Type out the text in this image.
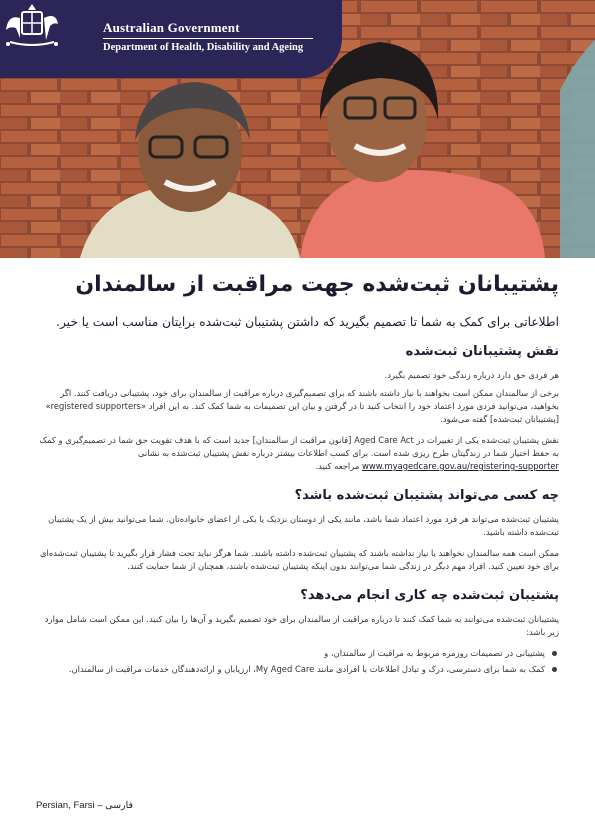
Australian Government
Department of Health, Disability and Ageing
پشتیبانان ثبت‌شده جهت مراقبت از سالمندان

اطلاعاتی برای کمک به شما تا تصمیم بگیرید که داشتن پشتیبان ثبت‌شده برایتان مناسب است یا خیر.

نقش پشتیبانان ثبت‌شده

هر فردی حق دارد درباره زندگی خود تصمیم بگیرد.

برخی از سالمندان ممکن است بخواهند یا نیاز داشته باشند که برای تصمیم‌گیری درباره مراقبت از سالمندان برای خود، پشتیبانی دریافت کنند. اگر بخواهید، می‌توانید فردی مورد اعتماد خود را انتخاب کنید تا در گرفتن و بیان این تصمیمات به شما کمک کند. به این افراد «registered supporters» [پشتیبانان ثبت‌شده] گفته می‌شود.

نقش پشتیبان ثبت‌شده یکی از تغییرات در Aged Care Act [قانون مراقبت از سالمندان] جدید است که با هدف تقویت حق شما در تصمیم‌گیری و کمک به حفظ اختیار شما در زندگیتان طرح ریزی شده است. برای کسب اطلاعات بیشتر درباره نقش پشتیبان ثبت‌شده به نشانی www.myagedcare.gov.au/registering-supporter مراجعه کنید.

چه کسی می‌تواند پشتیبان ثبت‌شده باشد؟

پشتیبان ثبت‌شده می‌تواند هر فرد مورد اعتماد شما باشد، مانند یکی از دوستان نزدیک یا یکی از اعضای خانواده‌تان. شما می‌توانید بیش از یک پشتیبان ثبت‌شده داشته باشید.

ممکن است همه سالمندان نخواهند یا نیاز نداشته باشند که پشتیبان ثبت‌شده داشته باشند. شما هرگز نباید تحت فشار قرار بگیرید تا پشتیبان ثبت‌شده‌ای برای خود تعیین کنید. افراد مهم دیگر در زندگی شما می‌توانند بدون اینکه پشتیبان ثبت‌شده باشند، همچنان از شما حمایت کنند.

پشتیبان ثبت‌شده چه کاری انجام می‌دهد؟

پشتیبانان ثبت‌شده می‌توانند به شما کمک کنند تا درباره مراقبت از سالمندان برای خود تصمیم بگیرید و آن‌ها را بیان کنید. این ممکن است شامل موارد زیر باشد:

پشتیبانی در تصمیمات روزمره مربوط به مراقبت از سالمندان، و
کمک به شما برای دسترسی، درک و تبادل اطلاعات با افرادی مانند My Aged Care، ارزیابان و ارائه‌دهندگان خدمات مراقبت از سالمندان.
Persian, Farsi – فارسی
